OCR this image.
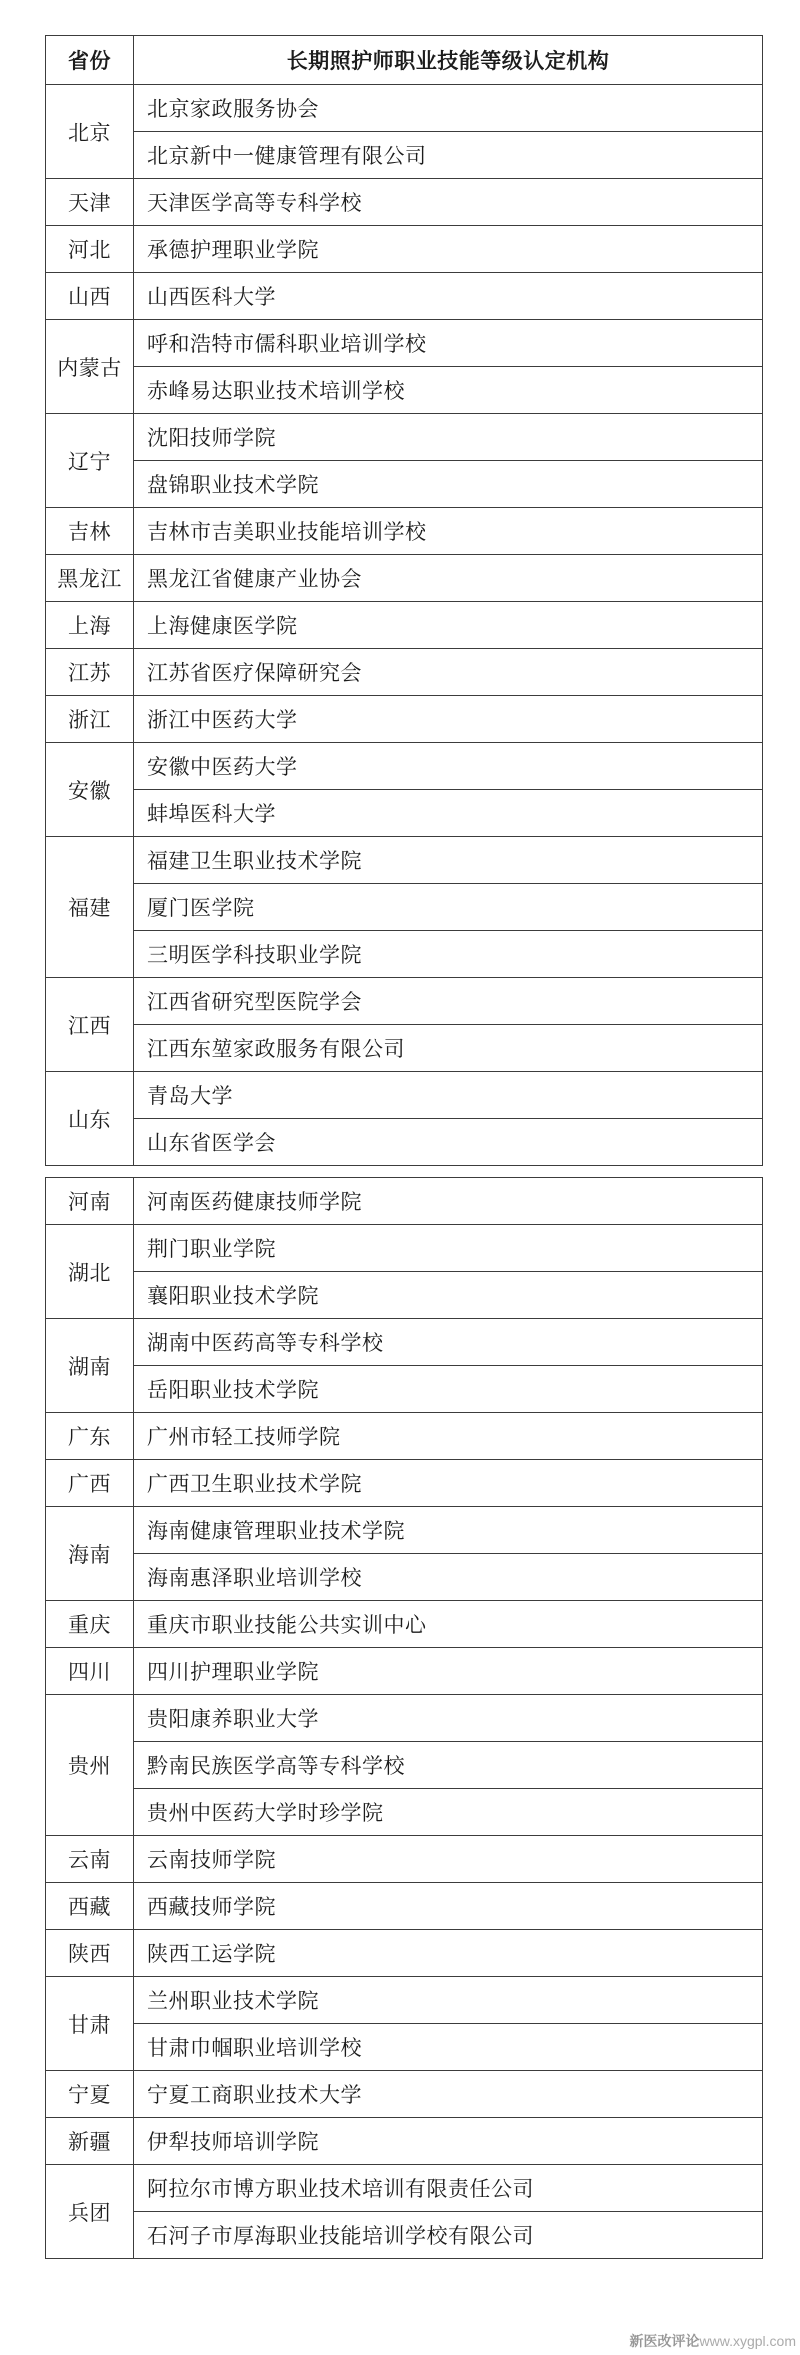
省份	长期照护师职业技能等级认定机构
北京	北京家政服务协会
	北京新中一健康管理有限公司
天津	天津医学高等专科学校
河北	承德护理职业学院
山西	山西医科大学
内蒙古	呼和浩特市儒科职业培训学校
	赤峰易达职业技术培训学校
辽宁	沈阳技师学院
	盘锦职业技术学院
吉林	吉林市吉美职业技能培训学校
黑龙江	黑龙江省健康产业协会
上海	上海健康医学院
江苏	江苏省医疗保障研究会
浙江	浙江中医药大学
安徽	安徽中医药大学
	蚌埠医科大学
福建	福建卫生职业技术学院
	厦门医学院
	三明医学科技职业学院
江西	江西省研究型医院学会
	江西东堃家政服务有限公司
山东	青岛大学
	山东省医学会
河南	河南医药健康技师学院
湖北	荆门职业学院
	襄阳职业技术学院
湖南	湖南中医药高等专科学校
	岳阳职业技术学院
广东	广州市轻工技师学院
广西	广西卫生职业技术学院
海南	海南健康管理职业技术学院
	海南惠泽职业培训学校
重庆	重庆市职业技能公共实训中心
四川	四川护理职业学院
贵州	贵阳康养职业大学
	黔南民族医学高等专科学校
	贵州中医药大学时珍学院
云南	云南技师学院
西藏	西藏技师学院
陕西	陕西工运学院
甘肃	兰州职业技术学院
	甘肃巾帼职业培训学校
宁夏	宁夏工商职业技术大学
新疆	伊犁技师培训学院
兵团	阿拉尔市博方职业技术培训有限责任公司
	石河子市厚海职业技能培训学校有限公司
新医改评论www.xygpl.com
